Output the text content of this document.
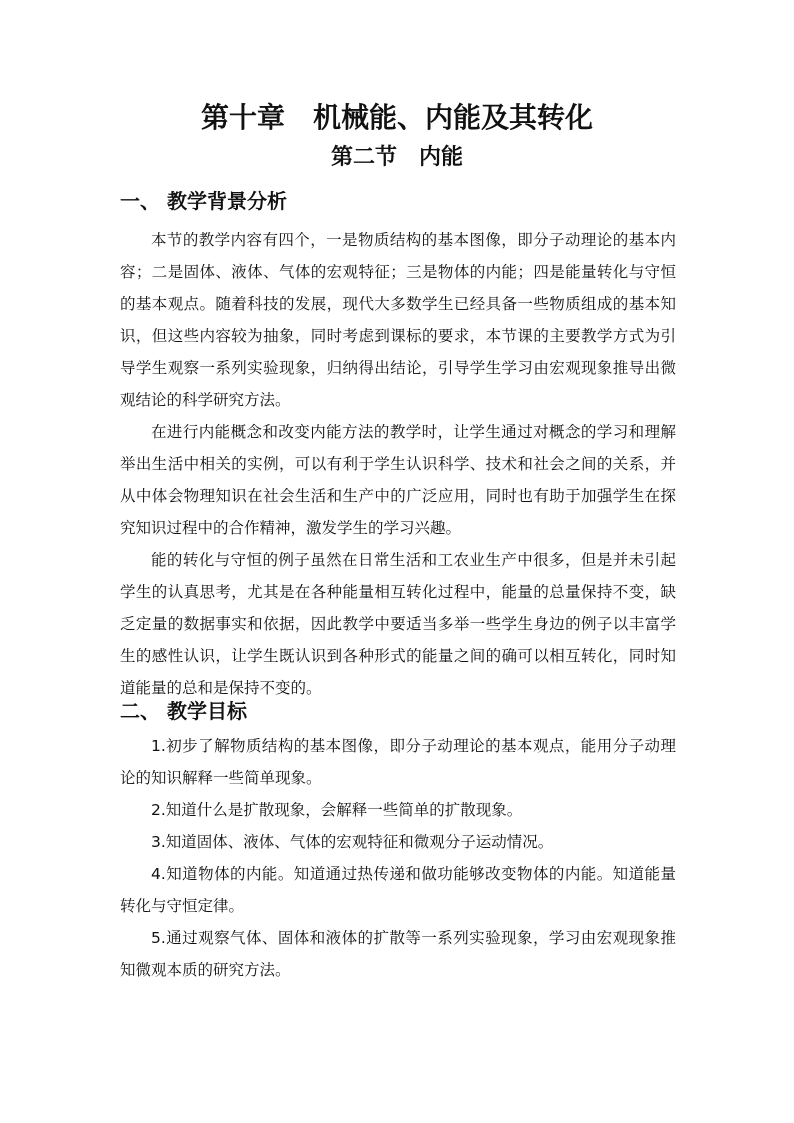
第十章　机械能、内能及其转化
第二节　内能
一、 教学背景分析

本节的教学内容有四个，一是物质结构的基本图像，即分子动理论的基本内容；二是固体、液体、气体的宏观特征；三是物体的内能；四是能量转化与守恒的基本观点。随着科技的发展，现代大多数学生已经具备一些物质组成的基本知识，但这些内容较为抽象，同时考虑到课标的要求，本节课的主要教学方式为引导学生观察一系列实验现象，归纳得出结论，引导学生学习由宏观现象推导出微观结论的科学研究方法。

在进行内能概念和改变内能方法的教学时，让学生通过对概念的学习和理解举出生活中相关的实例，可以有利于学生认识科学、技术和社会之间的关系，并从中体会物理知识在社会生活和生产中的广泛应用，同时也有助于加强学生在探究知识过程中的合作精神，激发学生的学习兴趣。

能的转化与守恒的例子虽然在日常生活和工农业生产中很多，但是并未引起学生的认真思考，尤其是在各种能量相互转化过程中，能量的总量保持不变，缺乏定量的数据事实和依据，因此教学中要适当多举一些学生身边的例子以丰富学生的感性认识，让学生既认识到各种形式的能量之间的确可以相互转化，同时知道能量的总和是保持不变的。

二、 教学目标

1.初步了解物质结构的基本图像，即分子动理论的基本观点，能用分子动理论的知识解释一些简单现象。

2.知道什么是扩散现象，会解释一些简单的扩散现象。

3.知道固体、液体、气体的宏观特征和微观分子运动情况。

4.知道物体的内能。知道通过热传递和做功能够改变物体的内能。知道能量转化与守恒定律。

5.通过观察气体、固体和液体的扩散等一系列实验现象，学习由宏观现象推知微观本质的研究方法。
